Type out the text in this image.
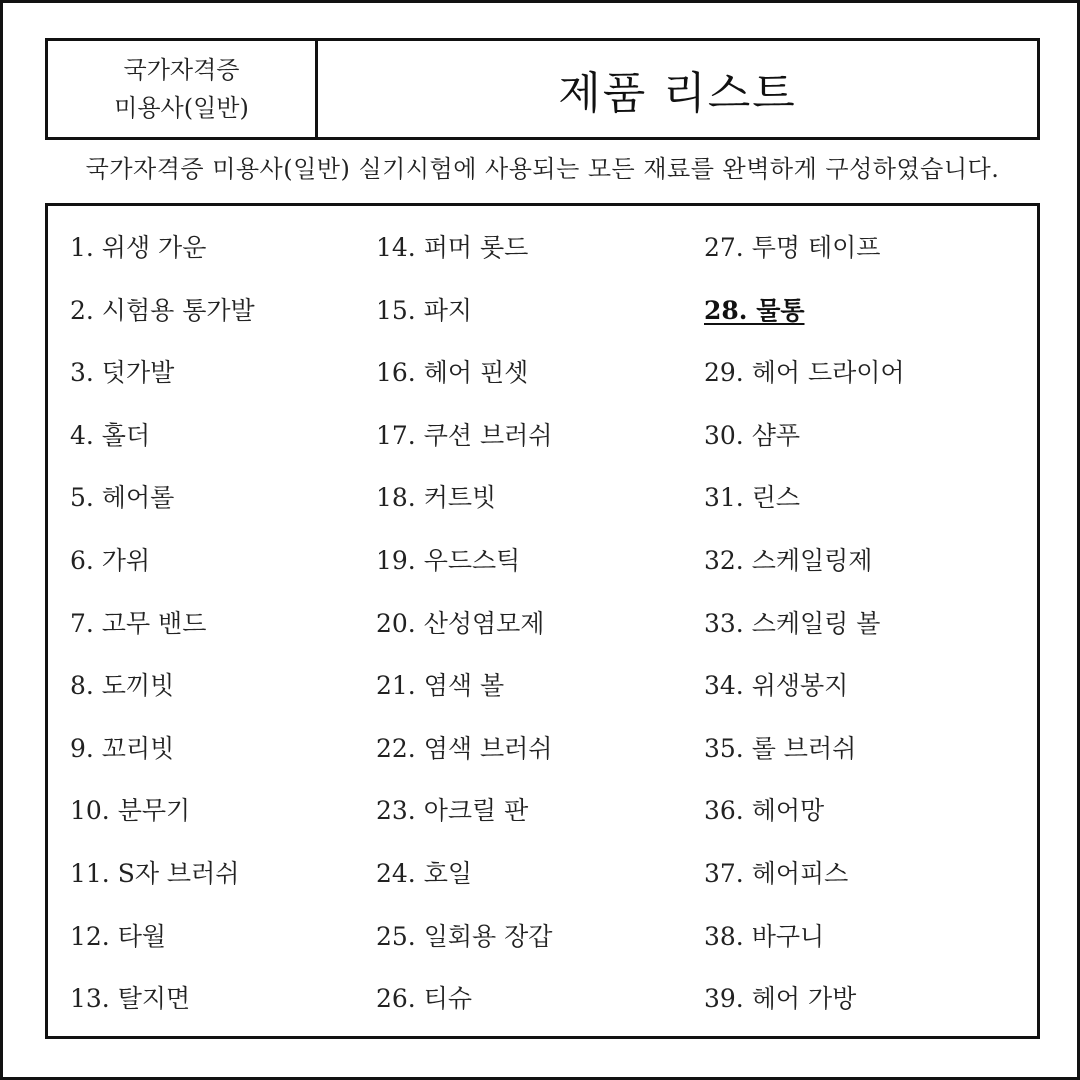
국가자격증
미용사(일반)	제품 리스트
국가자격증 미용사(일반) 실기시험에 사용되는 모든 재료를 완벽하게 구성하였습니다.
1. 위생 가운
2. 시험용 통가발
3. 덧가발
4. 홀더
5. 헤어롤
6. 가위
7. 고무 밴드
8. 도끼빗
9. 꼬리빗
10. 분무기
11. S자 브러쉬
12. 타월
13. 탈지면
14. 퍼머 롯드
15. 파지
16. 헤어 핀셋
17. 쿠션 브러쉬
18. 커트빗
19. 우드스틱
20. 산성염모제
21. 염색 볼
22. 염색 브러쉬
23. 아크릴 판
24. 호일
25. 일회용 장갑
26. 티슈
27. 투명 테이프
28. 물통
29. 헤어 드라이어
30. 샴푸
31. 린스
32. 스케일링제
33. 스케일링 볼
34. 위생봉지
35. 롤 브러쉬
36. 헤어망
37. 헤어피스
38. 바구니
39. 헤어 가방
